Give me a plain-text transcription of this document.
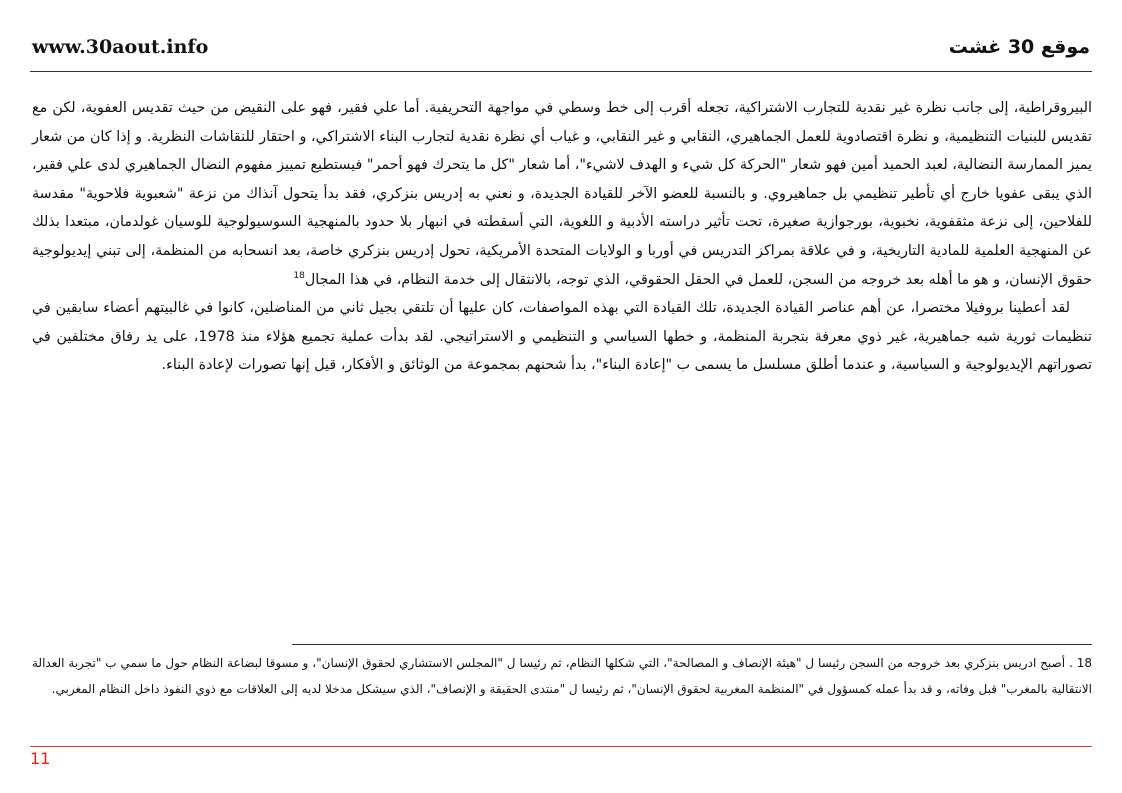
www.30aout.info	موقع 30 غشت

البيروقراطية، إلى جانب نظرة غير نقدية للتجارب الاشتراكية، تجعله أقرب إلى خط وسطي في مواجهة التحريفية. أما علي فقير، فهو على النقيض من حيث تقديس العفوية، لكن مع تقديس للبنيات التنظيمية، و نظرة اقتصادوية للعمل الجماهيري، النقابي و غير النقابي، و غياب أي نظرة نقدية لتجارب البناء الاشتراكي، و احتقار للنقاشات النظرية. و إذا كان من شعار يميز الممارسة النضالية، لعبد الحميد أمين فهو شعار "الحركة كل شيء و الهدف لاشيء"، أما شعار "كل ما يتحرك فهو أحمر" فيستطيع تمييز مفهوم النضال الجماهيري لدى علي فقير، الذي يبقى عفويا خارج أي تأطير تنظيمي بل جماهيروي. و بالنسبة للعضو الآخر للقيادة الجديدة، و نعني به إدريس بنزكري، فقد بدأ يتحول آنذاك من نزعة "شعبوية فلاحوية" مقدسة للفلاحين، إلى نزعة مثقفوية، نخبوية، بورجوازية صغيرة، تحت تأثير دراسته الأدبية و اللغوية، التي أسقطته في انبهار بلا حدود بالمنهجية السوسيولوجية للوسيان غولدمان، مبتعدا بذلك عن المنهجية العلمية للمادية التاريخية، و في علاقة بمراكز التدريس في أوربا و الولايات المتحدة الأمريكية، تحول إدريس بنزكري خاصة، بعد انسحابه من المنظمة، إلى تبني إيديولوجية حقوق الإنسان، و هو ما أهله بعد خروجه من السجن، للعمل في الحقل الحقوقي، الذي توجه، بالانتقال إلى خدمة النظام، في هذا المجال$^{18}$

لقد أعطينا بروفيلا مختصرا، عن أهم عناصر القيادة الجديدة، تلك القيادة التي بهذه المواصفات، كان عليها أن تلتقي بجيل ثاني من المناضلين، كانوا في غالبيتهم أعضاء سابقين في تنظيمات ثورية شبه جماهيرية، غير ذوي معرفة بتجربة المنظمة، و خطها السياسي و التنظيمي و الاستراتيجي. لقد بدأت عملية تجميع هؤلاء منذ 1978، على يد رفاق مختلفين في تصوراتهم الإيديولوجية و السياسية، و عندما أطلق مسلسل ما يسمى ب "إعادة البناء"، بدأ شحنهم بمجموعة من الوثائق و الأفكار، قيل إنها تصورات لإعادة البناء.

18 . أصبح ادريس بنزكري بعد خروجه من السجن رئيسا ل "هيئة الإنصاف و المصالحة"، التي شكلها النظام، ثم رئيسا ل "المجلس الاستشاري لحقوق الإنسان"، و مسوقا لبضاعة النظام حول ما سمي ب "تجربة العدالة الانتقالية بالمغرب" قبل وفاته، و قد بدأ عمله كمسؤول في "المنظمة المغربية لحقوق الإنسان"، ثم رئيسا ل "منتدى الحقيقة و الإنصاف"، الذي سيشكل مدخلا لديه إلى العلاقات مع ذوي النفوذ داخل النظام المغربي.

11
